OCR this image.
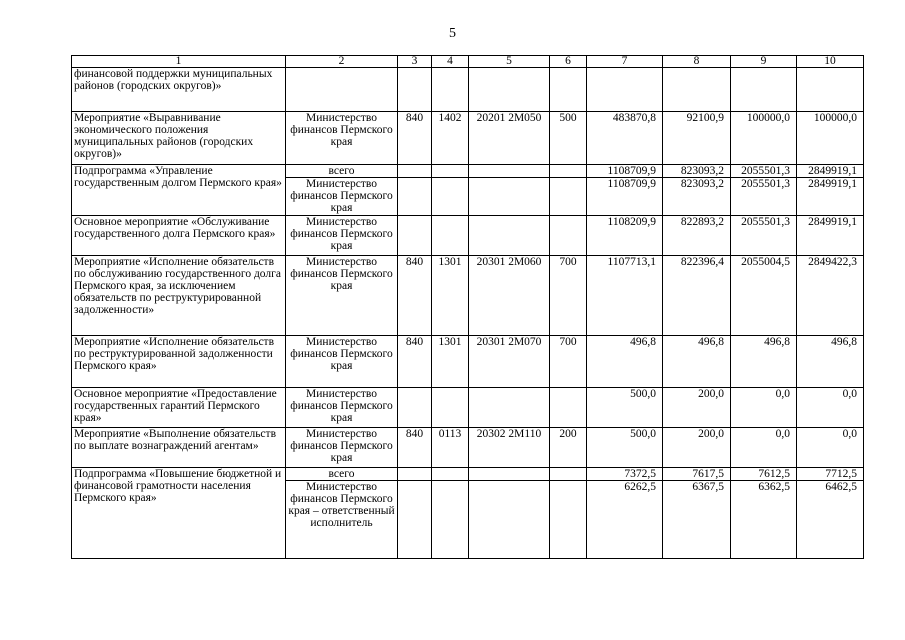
5
1	2	3	4	5	6	7	8	9	10
финансовой поддержки муниципальных районов (городских округов)»									
Мероприятие «Выравнивание экономического положения муниципальных районов (городских округов)»	Министерство финансов Пермского края	840	1402	20201 2М050	500	483870,8	92100,9	100000,0	100000,0
Подпрограмма «Управление государственным долгом Пермского края»	всего					1108709,9	823093,2	2055501,3	2849919,1
	Министерство финансов Пермского края					1108709,9	823093,2	2055501,3	2849919,1
Основное мероприятие «Обслуживание государственного долга Пермского края»	Министерство финансов Пермского края					1108209,9	822893,2	2055501,3	2849919,1
Мероприятие «Исполнение обязательств по обслуживанию государственного долга Пермского края, за исключением обязательств по реструктурированной задолженности»	Министерство финансов Пермского края	840	1301	20301 2М060	700	1107713,1	822396,4	2055004,5	2849422,3
Мероприятие «Исполнение обязательств по реструктурированной задолженности Пермского края»	Министерство финансов Пермского края	840	1301	20301 2М070	700	496,8	496,8	496,8	496,8
Основное мероприятие «Предоставление государственных гарантий Пермского края»	Министерство финансов Пермского края					500,0	200,0	0,0	0,0
Мероприятие «Выполнение обязательств по выплате вознаграждений агентам»	Министерство финансов Пермского края	840	0113	20302 2М110	200	500,0	200,0	0,0	0,0
Подпрограмма «Повышение бюджетной и финансовой грамотности населения Пермского края»	всего					7372,5	7617,5	7612,5	7712,5
	Министерство финансов Пермского края – ответственный исполнитель					6262,5	6367,5	6362,5	6462,5
